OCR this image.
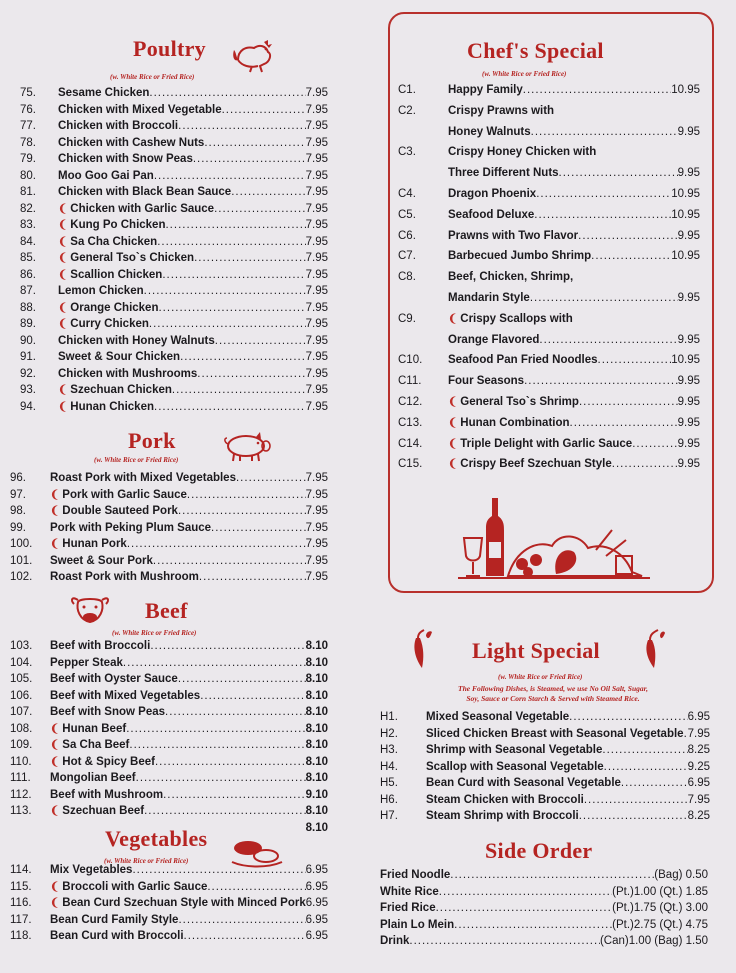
Poultry
(w. White Rice or Fried Rice)
75.	Sesame Chicken .....	7.95
76.	Chicken with Mixed Vegetable .....	7.95
77.	Chicken with Broccoli .....	7.95
78.	Chicken with Cashew Nuts .....	7.95
79.	Chicken with Snow Peas .....	7.95
80.	Moo Goo Gai Pan .....	7.95
81.	Chicken with Black Bean Sauce .....	7.95
82.	❨ Chicken with Garlic Sauce .....	7.95
83.	❨ Kung Po Chicken .....	7.95
84.	❨ Sa Cha Chicken .....	7.95
85.	❨ General Tso`s Chicken .....	7.95
86.	❨ Scallion Chicken .....	7.95
87.	Lemon Chicken .....	7.95
88.	❨ Orange Chicken .....	7.95
89.	❨ Curry Chicken .....	7.95
90.	Chicken with Honey Walnuts .....	7.95
91.	Sweet & Sour Chicken .....	7.95
92.	Chicken with Mushrooms .....	7.95
93.	❨ Szechuan Chicken .....	7.95
94.	❨ Hunan Chicken .....	7.95
Pork
(w. White Rice or Fried Rice)
96.	Roast Pork with Mixed Vegetables .....	7.95
97.	❨ Pork with Garlic Sauce .....	7.95
98.	❨ Double Sauteed Pork .....	7.95
99.	Pork with Peking Plum Sauce .....	7.95
100.	❨ Hunan Pork .....	7.95
101.	Sweet & Sour Pork .....	7.95
102.	Roast Pork with Mushroom .....	7.95
Beef
(w. White Rice or Fried Rice)
103.	Beef with Broccoli .....	8.10
104.	Pepper Steak .....	8.10
105.	Beef with Oyster Sauce .....	8.10
106.	Beef with Mixed Vegetables .....	8.10
107.	Beef with Snow Peas .....	8.10
108.	❨ Hunan Beef .....	8.10
109.	❨ Sa Cha Beef .....	8.10
110.	❨ Hot & Spicy Beef .....	8.10
111.	Mongolian Beef .....	8.10
112.	Beef with Mushroom .....	9.10
113.	❨ Szechuan Beef .....	8.10
8.10
Vegetables
(w. White Rice or Fried Rice)
114.	Mix Vegetables .....	6.95
115.	❨ Broccoli with Garlic Sauce .....	6.95
116.	❨ Bean Curd Szechuan Style with Minced Pork 6.95
117.	Bean Curd Family Style .....	6.95
118.	Bean Curd with Broccoli .....	6.95
Chef's Special
(w. White Rice or Fried Rice)
C1.	Happy Family .....	10.95
C2.	Crispy Prawns with
Honey Walnuts .....	9.95
C3.	Crispy Honey Chicken with
Three Different Nuts .....	9.95
C4.	Dragon Phoenix .....	10.95
C5.	Seafood Deluxe .....	10.95
C6.	Prawns with Two Flavor .....	9.95
C7.	Barbecued Jumbo Shrimp .....	10.95
C8.	Beef, Chicken, Shrimp,
Mandarin Style .....	9.95
C9.	❨ Crispy Scallops with
Orange Flavored .....	9.95
C10.	Seafood Pan Fried Noodles .....	10.95
C11.	Four Seasons .....	9.95
C12.	❨ General Tso`s Shrimp .....	9.95
C13.	❨ Hunan Combination .....	9.95
C14.	❨ Triple Delight with Garlic Sauce .....	9.95
C15.	❨ Crispy Beef Szechuan Style .....	9.95
Light Special
(w. White Rice or Fried Rice)
The Following Dishes, is Steamed, we use No Oil Salt, Sugar,
Soy, Sauce or Corn Starch & Served with Steamed Rice.
H1.	Mixed Seasonal Vegetable .....	6.95
H2.	Sliced Chicken Breast with Seasonal Vegetable ..... 7.95
H3.	Shrimp with Seasonal Vegetable .....	8.25
H4.	Scallop with Seasonal Vegetable .....	9.25
H5.	Bean Curd with Seasonal Vegetable .....	6.95
H6.	Steam Chicken with Broccoli .....	7.95
H7.	Steam Shrimp with Broccoli .....	8.25
Side Order
Fried Noodle .....	(Bag) 0.50
White Rice .....	(Pt.)1.00 (Qt.) 1.85
Fried Rice .....	(Pt.)1.75 (Qt.) 3.00
Plain Lo Mein .....	(Pt.)2.75 (Qt.) 4.75
Drink .....	(Can)1.00 (Bag) 1.50
